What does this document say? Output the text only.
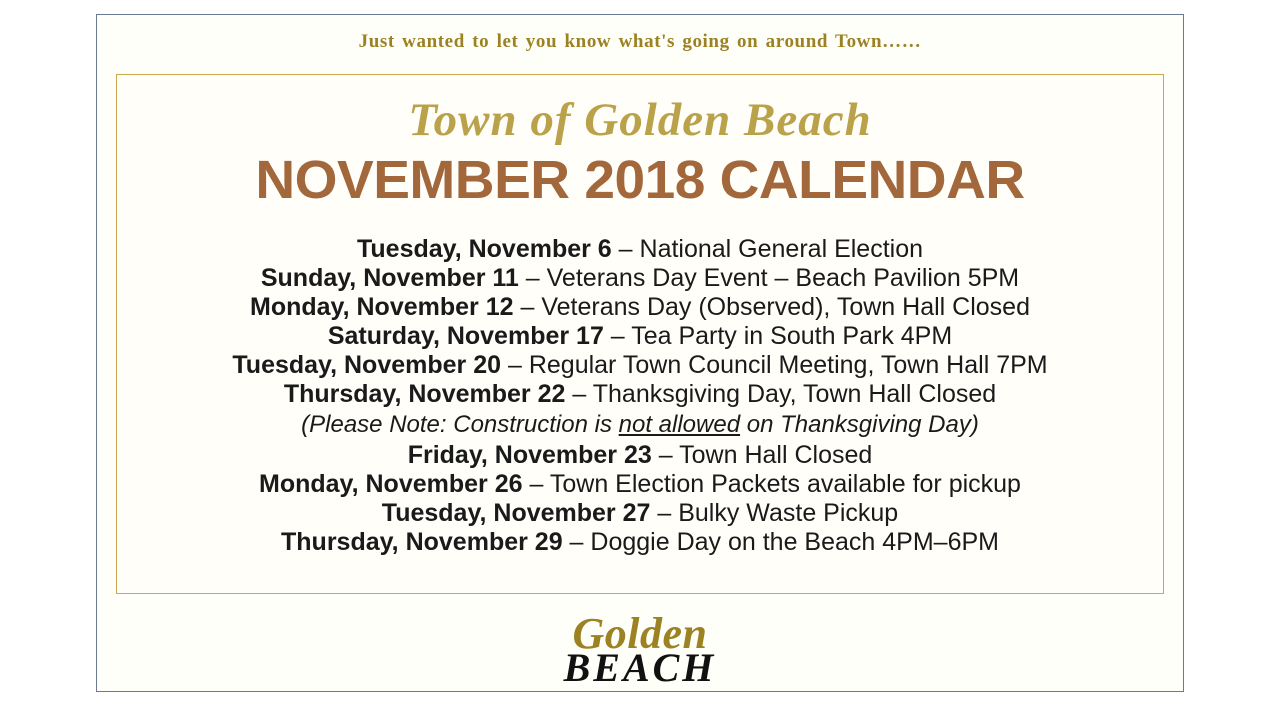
Just wanted to let you know what's going on around Town……
Town of Golden Beach
NOVEMBER 2018 CALENDAR
Tuesday, November 6 – National General Election
Sunday, November 11 – Veterans Day Event – Beach Pavilion 5PM
Monday, November 12 – Veterans Day (Observed), Town Hall Closed
Saturday, November 17 – Tea Party in South Park 4PM
Tuesday, November 20 – Regular Town Council Meeting, Town Hall 7PM
Thursday, November 22 – Thanksgiving Day, Town Hall Closed
(Please Note: Construction is not allowed on Thanksgiving Day)
Friday, November 23 – Town Hall Closed
Monday, November 26 – Town Election Packets available for pickup
Tuesday, November 27 – Bulky Waste Pickup
Thursday, November 29 – Doggie Day on the Beach 4PM–6PM
Golden
BEACH
